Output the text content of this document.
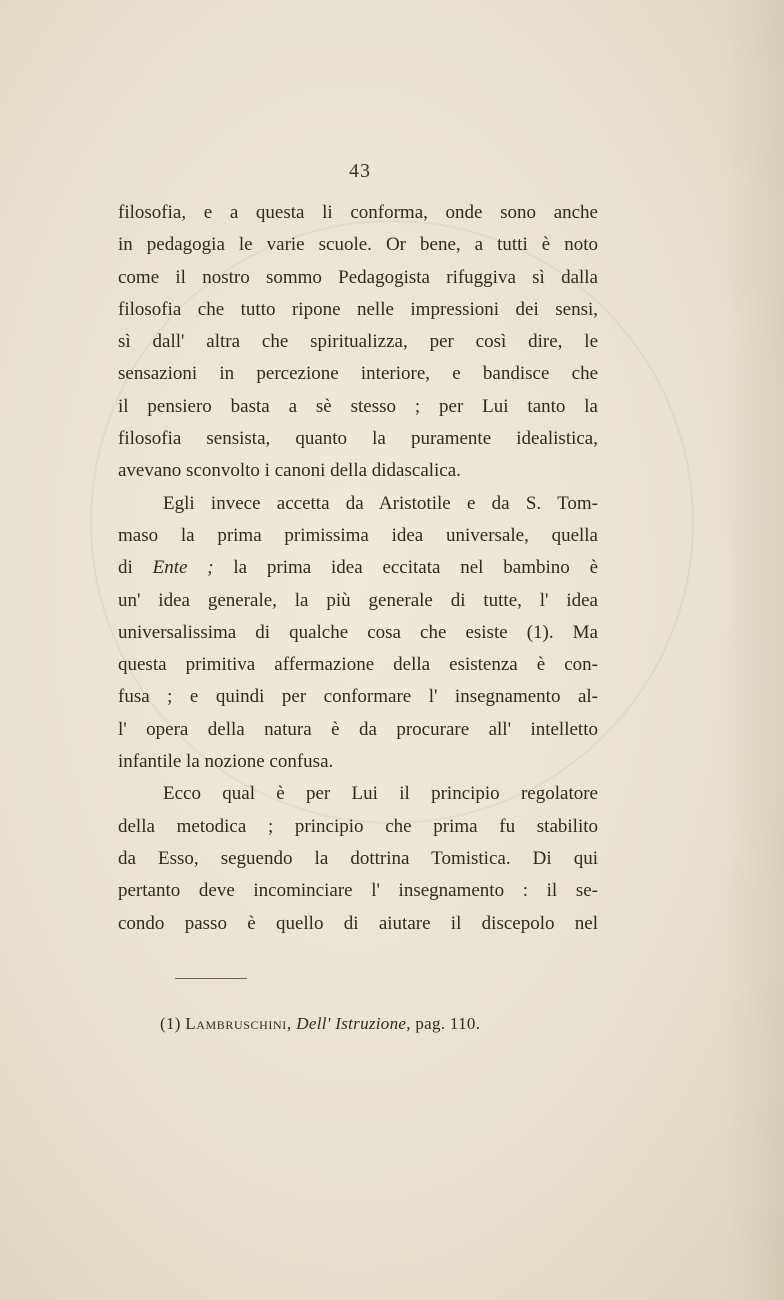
43
filosofia, e a questa li conforma, onde sono anche
in pedagogia le varie scuole. Or bene, a tutti è noto
come il nostro sommo Pedagogista rifuggiva sì dalla
filosofia che tutto ripone nelle impressioni dei sensi,
sì dall' altra che spiritualizza, per così dire, le
sensazioni in percezione interiore, e bandisce che
il pensiero basta a sè stesso ; per Lui tanto la
filosofia sensista, quanto la puramente idealistica,
avevano sconvolto i canoni della didascalica.
Egli invece accetta da Aristotile e da S. Tom-
maso la prima primissima idea universale, quella
di Ente ; la prima idea eccitata nel bambino è
un' idea generale, la più generale di tutte, l' idea
universalissima di qualche cosa che esiste (1). Ma
questa primitiva affermazione della esistenza è con-
fusa ; e quindi per conformare l' insegnamento al-
l' opera della natura è da procurare all' intelletto
infantile la nozione confusa.
Ecco qual è per Lui il principio regolatore
della metodica ; principio che prima fu stabilito
da Esso, seguendo la dottrina Tomistica. Di qui
pertanto deve incominciare l' insegnamento : il se-
condo passo è quello di aiutare il discepolo nel
(1) Lambruschini, Dell' Istruzione, pag. 110.
